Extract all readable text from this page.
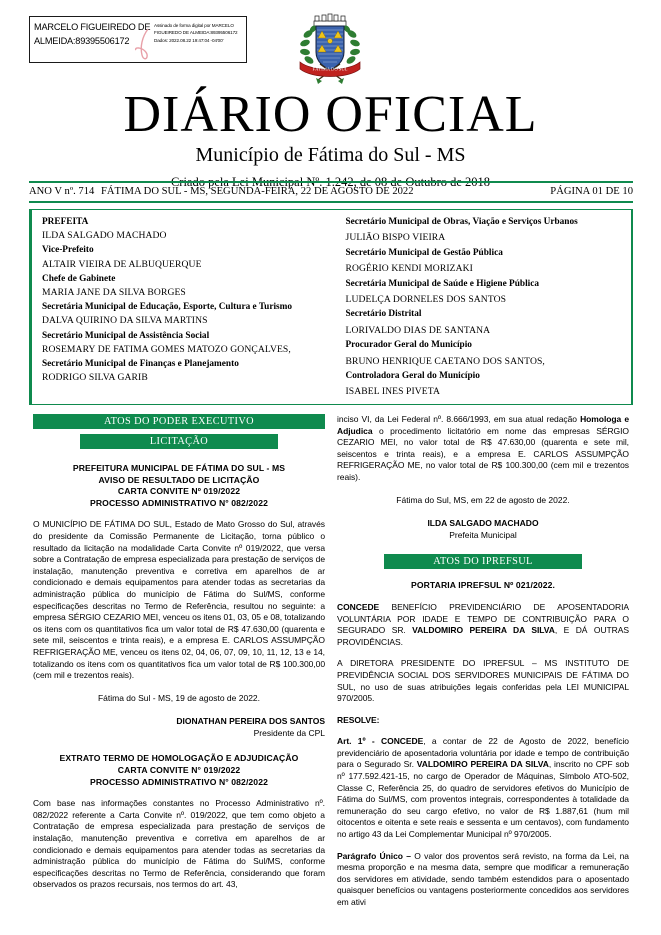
MARCELO FIGUEIREDO DE ALMEIDA:89395506172
Assinado de forma digital por MARCELO FIGUEIREDO DE ALMEIDA:89395506172 Dados: 2022.08.22 19:47:04 -04'00'
FÁTIMA DO SUL
DIÁRIO OFICIAL
Município de Fátima do Sul - MS
ANO V nº. 714 FÁTIMA DO SUL - MS, SEGUNDA-FEIRA, 22 DE AGOSTO DE 2022	PÁGINA 01 DE 10
PREFEITA
ILDA SALGADO MACHADO
Vice-Prefeito
ALTAIR VIEIRA DE ALBUQUERQUE
Chefe de Gabinete
MARIA JANE DA SILVA BORGES
Secretária Municipal de Educação, Esporte, Cultura e Turismo
DALVA QUIRINO DA SILVA MARTINS
Secretário Municipal de Assistência Social
ROSEMARY DE FATIMA GOMES MATOZO GONÇALVES,
Secretário Municipal de Finanças e Planejamento
RODRIGO SILVA GARIB
Secretário Municipal de Obras, Viação e Serviços Urbanos
JULIÃO BISPO VIEIRA
Secretário Municipal de Gestão Pública
ROGÉRIO KENDI MORIZAKI
Secretária Municipal de Saúde e Higiene Pública
LUDELÇA DORNELES DOS SANTOS
Secretário Distrital
LORIVALDO DIAS DE SANTANA
Procurador Geral do Município
BRUNO HENRIQUE CAETANO DOS SANTOS,
Controladora Geral do Município
ISABEL INES PIVETA
ATOS DO PODER EXECUTIVO
LICITAÇÃO
PREFEITURA MUNICIPAL DE FÁTIMA DO SUL - MS
AVISO DE RESULTADO DE LICITAÇÃO
CARTA CONVITE Nº 019/2022
PROCESSO ADMINISTRATIVO N° 082/2022

O MUNICÍPIO DE FÁTIMA DO SUL, Estado de Mato Grosso do Sul, através do presidente da Comissão Permanente de Licitação, torna público o resultado da licitação na modalidade Carta Convite nº 019/2022, que versa sobre a Contratação de empresa especializada para prestação de serviços de instalação, manutenção preventiva e corretiva em aparelhos de ar condicionado e demais equipamentos para atender todas as secretarias da administração pública do município de Fátima do Sul/MS, conforme especificações descritas no Termo de Referência, resultou no seguinte: a empresa SÉRGIO CEZARIO MEI, venceu os itens 01, 03, 05 e 08, totalizando os itens com os quantitativos fica um valor total de R$ 47.630,00 (quarenta e sete mil, seiscentos e trinta reais), e a empresa E. CARLOS ASSUMPÇÃO REFRIGERAÇÃO ME, venceu os itens 02, 04, 06, 07, 09, 10, 11, 12, 13 e 14, totalizando os itens com os quantitativos fica um valor total de R$ 100.300,00 (cem mil e trezentos reais).

Fátima do Sul - MS, 19 de agosto de 2022.

DIONATHAN PEREIRA DOS SANTOS

Presidente da CPL

EXTRATO TERMO DE HOMOLOGAÇÃO E ADJUDICAÇÃO
CARTA CONVITE N° 019/2022
PROCESSO ADMINISTRATIVO N° 082/2022

Com base nas informações constantes no Processo Administrativo nº. 082/2022 referente a Carta Convite nº. 019/2022, que tem como objeto a Contratação de empresa especializada para prestação de serviços de instalação, manutenção preventiva e corretiva em aparelhos de ar condicionado e demais equipamentos para atender todas as secretarias da administração pública do município de Fátima do Sul/MS, conforme especificações descritas no Termo de Referência, considerando que foram observados os prazos recursais, nos termos do art. 43,

inciso VI, da Lei Federal nº. 8.666/1993, em sua atual redação Homologa e Adjudica o procedimento licitatório em nome das empresas SÉRGIO CEZARIO MEI, no valor total de R$ 47.630,00 (quarenta e sete mil, seiscentos e trinta reais), e a empresa E. CARLOS ASSUMPÇÃO REFRIGERAÇÃO ME, no valor total de R$ 100.300,00 (cem mil e trezentos reais).

Fátima do Sul, MS, em 22 de agosto de 2022.

ILDA SALGADO MACHADO

Prefeita Municipal

ATOS DO IPREFSUL
PORTARIA IPREFSUL Nº 021/2022.

CONCEDE BENEFÍCIO PREVIDENCIÁRIO DE APOSENTADORIA VOLUNTÁRIA POR IDADE E TEMPO DE CONTRIBUIÇÃO PARA O SEGURADO SR. VALDOMIRO PEREIRA DA SILVA, E DÁ OUTRAS PROVIDÊNCIAS.

A DIRETORA PRESIDENTE DO IPREFSUL – MS INSTITUTO DE PREVIDÊNCIA SOCIAL DOS SERVIDORES MUNICIPAIS DE FÁTIMA DO SUL, no uso de suas atribuições legais conferidas pela LEI MUNICIPAL 970/2005.

RESOLVE:

Art. 1º - CONCEDE, a contar de 22 de Agosto de 2022, benefício previdenciário de aposentadoria voluntária por idade e tempo de contribuição para o Segurado Sr. VALDOMIRO PEREIRA DA SILVA, inscrito no CPF sob nº 177.592.421-15, no cargo de Operador de Máquinas, Símbolo ATO-502, Classe C, Referência 25, do quadro de servidores efetivos do Município de Fátima do Sul/MS, com proventos integrais, correspondentes à totalidade da remuneração do seu cargo efetivo, no valor de R$ 1.887,61 (hum mil oitocentos e oitenta e sete reais e sessenta e um centavos), com fundamento no artigo 43 da Lei Complementar Municipal nº 970/2005.

Parágrafo Único – O valor dos proventos será revisto, na forma da Lei, na mesma proporção e na mesma data, sempre que modificar a remuneração dos servidores em atividade, sendo também estendidos para o aposentado quaisquer benefícios ou vantagens posteriormente concedidos aos servidores em ativi
